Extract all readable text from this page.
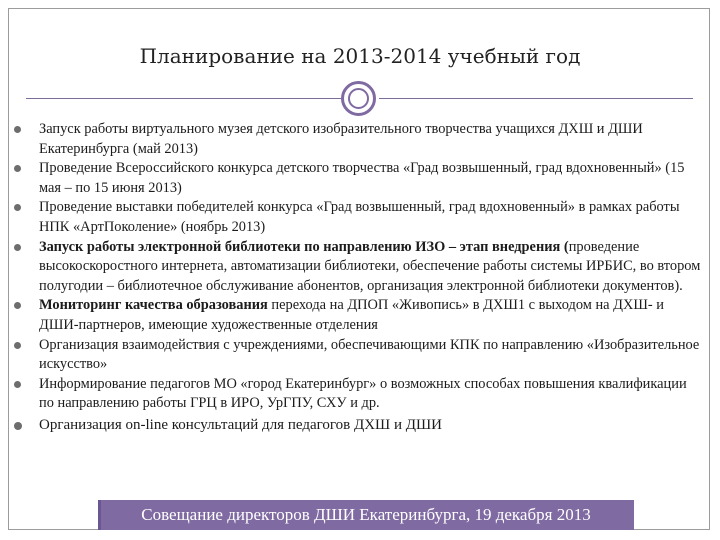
Планирование на 2013-2014 учебный год
Запуск работы виртуального музея детского изобразительного творчества учащихся ДХШ и ДШИ Екатеринбурга (май 2013)
Проведение Всероссийского конкурса детского творчества «Град возвышенный, град вдохновенный» (15 мая – по 15 июня 2013)
Проведение выставки победителей конкурса «Град возвышенный, град вдохновенный» в рамках работы НПК «АртПоколение» (ноябрь 2013)
Запуск работы электронной библиотеки по направлению ИЗО – этап внедрения (проведение высокоскоростного интернета, автоматизации библиотеки, обеспечение работы системы ИРБИС, во втором полугодии – библиотечное обслуживание абонентов, организация электронной библиотеки документов).
Мониторинг качества образования перехода на ДПОП «Живопись» в ДХШ1 с выходом на ДХШ- и ДШИ-партнеров, имеющие художественные отделения
Организация взаимодействия с учреждениями, обеспечивающими КПК по направлению «Изобразительное искусство»
Информирование педагогов МО «город Екатеринбург» о возможных способах повышения квалификации по направлению работы ГРЦ в ИРО, УрГПУ, СХУ и др.
Организация on-line консультаций для педагогов ДХШ и ДШИ
Совещание директоров ДШИ Екатеринбурга, 19 декабря 2013
